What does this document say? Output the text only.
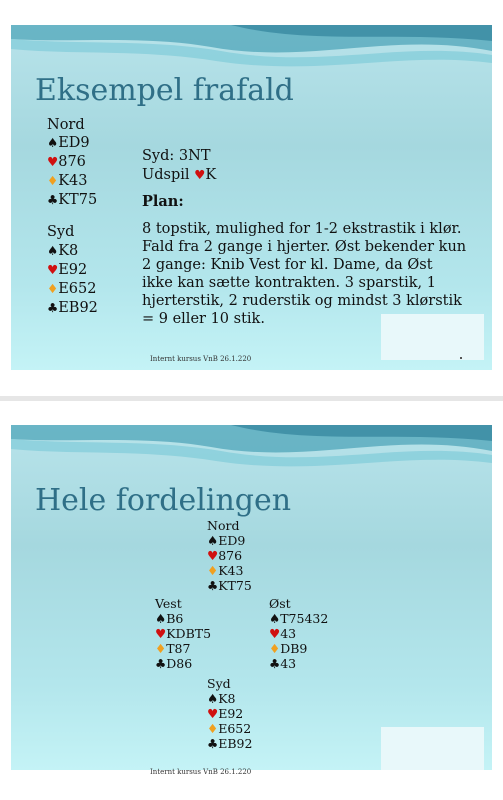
Eksempel frafald
Nord
♠ED9
♥876
♦K43
♣KT75
Syd
♠K8
♥E92
♦E652
♣EB92
Syd: 3NT
Udspil ♥K
Plan:
8 topstik, mulighed for 1-2 ekstrastik i klør.
Fald fra 2 gange i hjerter. Øst bekender kun
2 gange: Knib Vest for kl. Dame, da Øst
ikke kan sætte kontrakten. 3 sparstik, 1
hjerterstik, 2 ruderstik og mindst 3 klørstik
= 9 eller 10 stik.
Internt kursus VnB 26.1.220
Hele fordelingen
Nord
♠ED9
♥876
♦K43
♣KT75
Vest
♠B6
♥KDBT5
♦T87
♣D86
Øst
♠T75432
♥43
♦DB9
♣43
Syd
♠K8
♥E92
♦E652
♣EB92
Internt kursus VnB 26.1.220
